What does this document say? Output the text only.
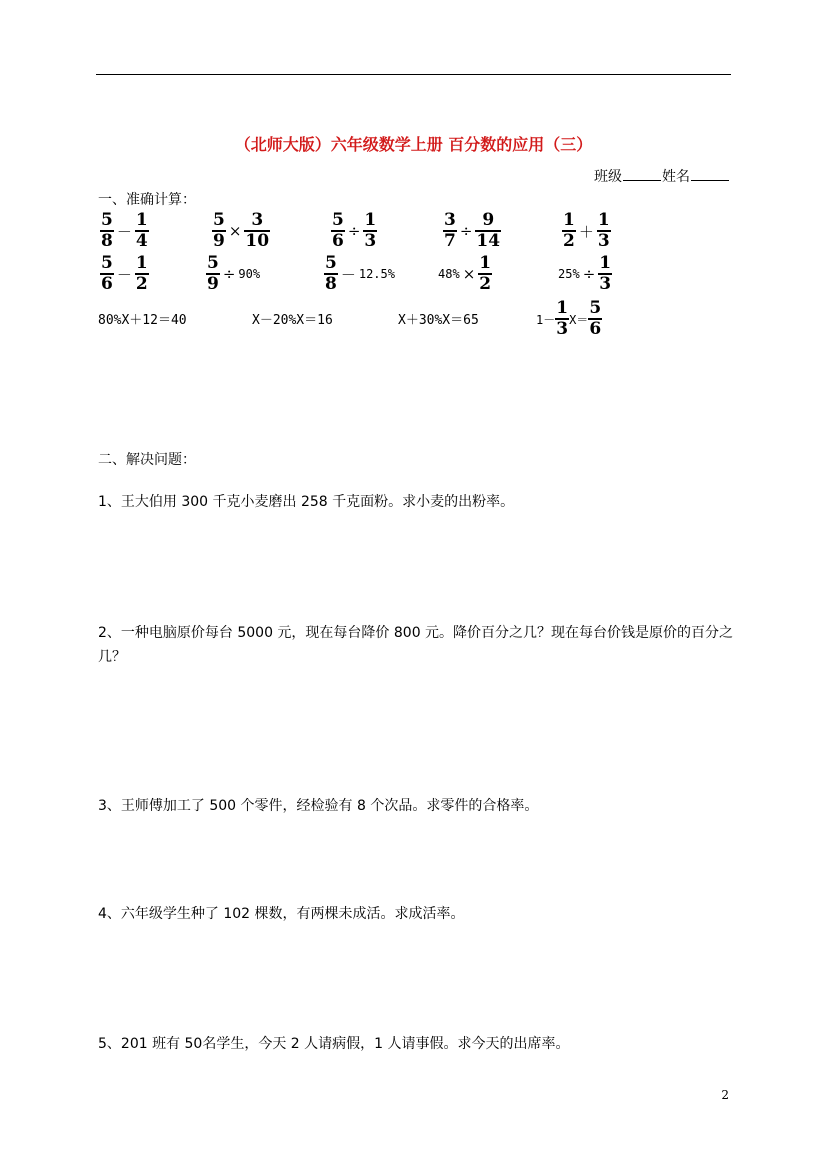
（北师大版）六年级数学上册 百分数的应用（三）
班级	姓名
一、准确计算：
$\frac{5}{8} - \frac{1}{4}$	$\frac{5}{9} \times \frac{3}{10}$	$\frac{5}{6} \div \frac{1}{3}$	$\frac{3}{7} \div \frac{9}{14}$	$\frac{1}{2} + \frac{1}{3}$
$\frac{5}{6} - \frac{1}{2}$	$\frac{5}{9} \div 90\%$	$\frac{5}{8} - 12.5\%$	$48\% \times \frac{1}{2}$	$25\% \div \frac{1}{3}$
80%X＋12＝40	X－20%X＝16	X＋30%X＝65	$1- \frac{1}{3} X= \frac{5}{6}$
二、解决问题：
1、王大伯用 300 千克小麦磨出 258 千克面粉。求小麦的出粉率。
2、一种电脑原价每台 5000 元，现在每台降价 800 元。降价百分之几？现在每台价钱是原价的百分之几？
3、王师傅加工了 500 个零件，经检验有 8 个次品。求零件的合格率。
4、六年级学生种了 102 棵数，有两棵未成活。求成活率。
5、201 班有 50名学生，今天 2 人请病假，1 人请事假。求今天的出席率。
2
